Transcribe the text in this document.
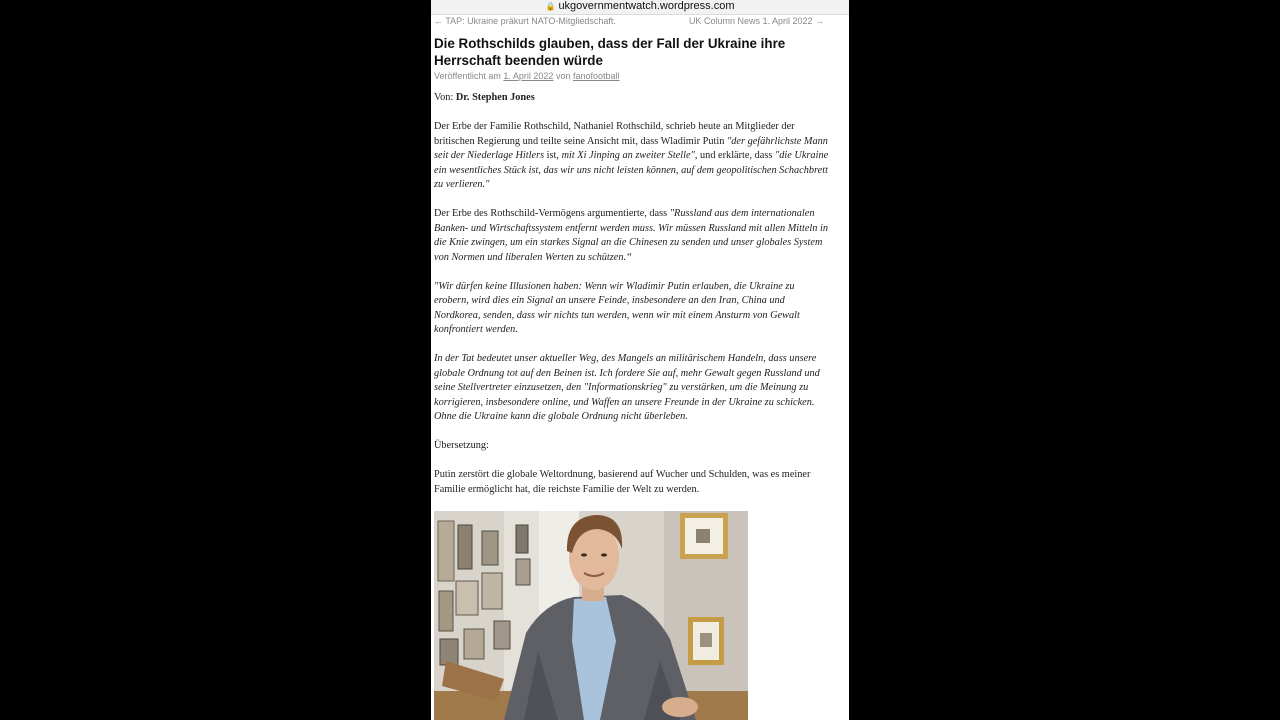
🔒 ukgovernmentwatch.wordpress.com
← TAP: Ukraine präkurt NATO-Mitgliedschaft.	UK Column News 1. April 2022 →
Die Rothschilds glauben, dass der Fall der Ukraine ihre Herrschaft beenden würde
Veröffentlicht am 1. April 2022 von fanofootball

Von: Dr. Stephen Jones

Der Erbe der Familie Rothschild, Nathaniel Rothschild, schrieb heute an Mitglieder der britischen Regierung und teilte seine Ansicht mit, dass Wladimir Putin "der gefährlichste Mann seit der Niederlage Hitlers ist, mit Xi Jinping an zweiter Stelle", und erklärte, dass "die Ukraine ein wesentliches Stück ist, das wir uns nicht leisten können, auf dem geopolitischen Schachbrett zu verlieren."

Der Erbe des Rothschild-Vermögens argumentierte, dass "Russland aus dem internationalen Banken- und Wirtschaftssystem entfernt werden muss. Wir müssen Russland mit allen Mitteln in die Knie zwingen, um ein starkes Signal an die Chinesen zu senden und unser globales System von Normen und liberalen Werten zu schützen.“

"Wir dürfen keine Illusionen haben: Wenn wir Wladimir Putin erlauben, die Ukraine zu erobern, wird dies ein Signal an unsere Feinde, insbesondere an den Iran, China und Nordkorea, senden, dass wir nichts tun werden, wenn wir mit einem Ansturm von Gewalt konfrontiert werden.

In der Tat bedeutet unser aktueller Weg, des Mangels an militärischem Handeln, dass unsere globale Ordnung tot auf den Beinen ist. Ich fordere Sie auf, mehr Gewalt gegen Russland und seine Stellvertreter einzusetzen, den "Informationskrieg" zu verstärken, um die Meinung zu korrigieren, insbesondere online, und Waffen an unsere Freunde in der Ukraine zu schicken. Ohne die Ukraine kann die globale Ordnung nicht überleben.

Übersetzung:

Putin zerstört die globale Weltordnung, basierend auf Wucher und Schulden, was es meiner Familie ermöglicht hat, die reichste Familie der Welt zu werden.
